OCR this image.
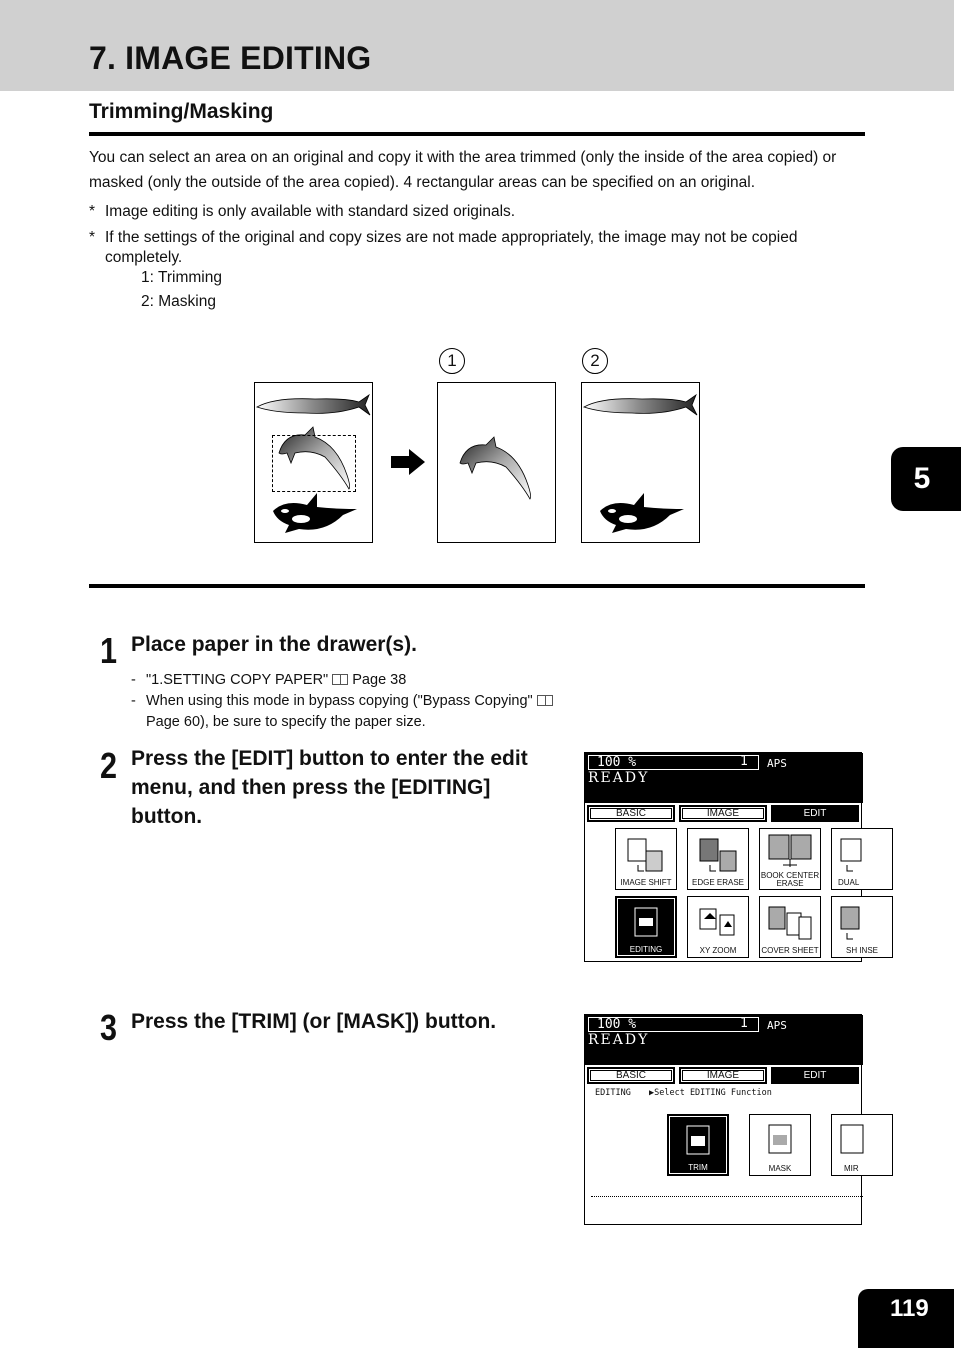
7. IMAGE EDITING
Trimming/Masking

You can select an area on an original and copy it with the area trimmed (only the inside of the area copied) or masked (only the outside of the area copied). 4 rectangular areas can be specified on an original.

* Image editing is only available with standard sized originals.
* If the settings of the original and copy sizes are not made appropriately, the image may not be copied completely.
1: Trimming
2: Masking
1	2
1 Place paper in the drawer(s).
- "1.SETTING COPY PAPER" Page 38
- When using this mode in bypass copying ("Bypass Copying"  Page 60), be sure to specify the paper size.
2 Press the [EDIT] button to enter the edit menu, and then press the [EDITING] button.
100 %	1 APS
READY
BASIC	IMAGE	EDIT
IMAGE SHIFT	EDGE ERASE
BOOK CENTER ERASE	DUAL
EDITING	XY ZOOM	COVER SHEET	SH INSE
3 Press the [TRIM] (or [MASK]) button.	100 %	1 APS
READY
BASIC	IMAGE	EDIT
EDITING ▶Select EDITING Function
TRIM	MASK	MIR
5
119
